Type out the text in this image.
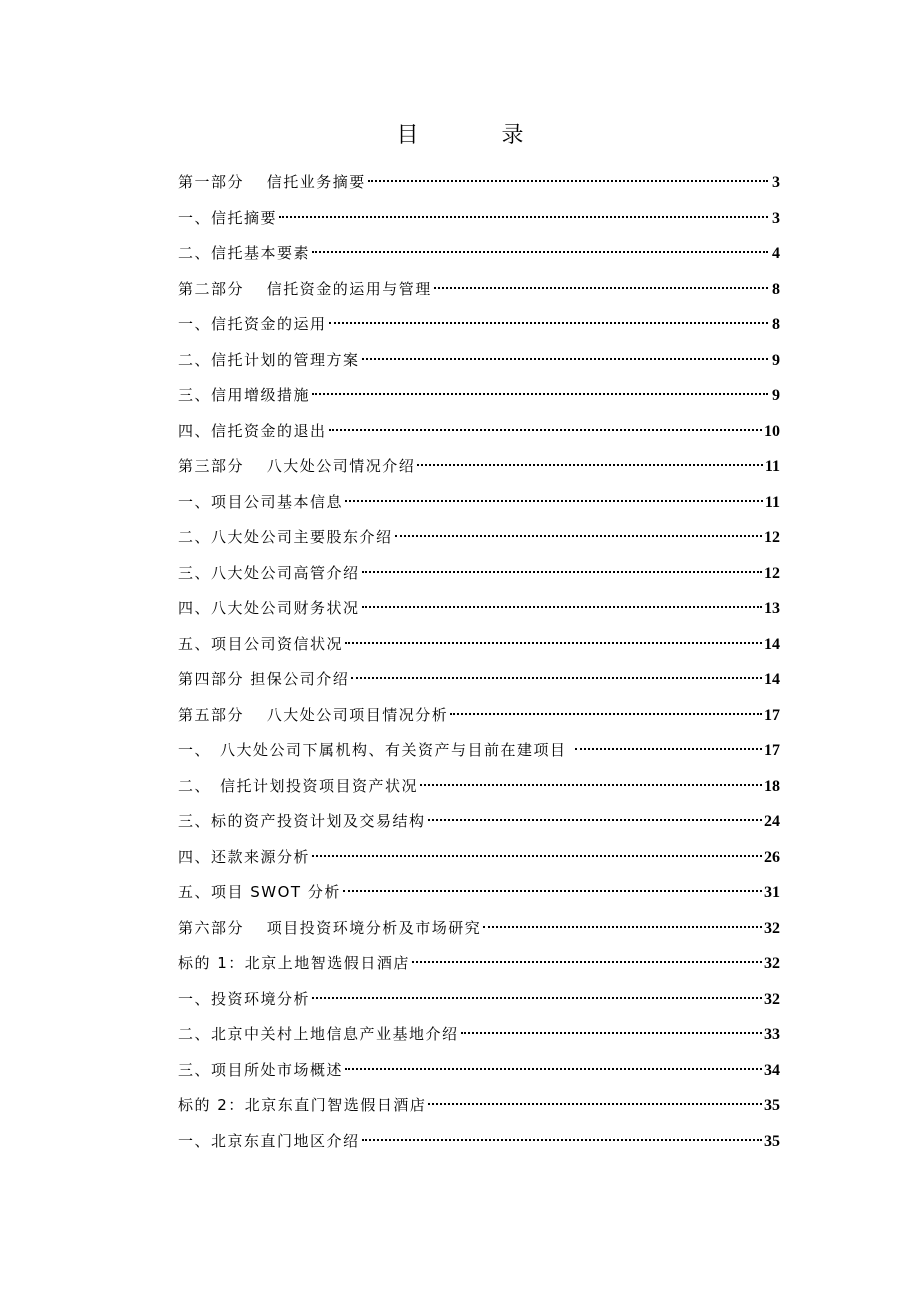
目 录
第一部分　 信托业务摘要	3
一、信托摘要	3
二、信托基本要素	4
第二部分　 信托资金的运用与管理	8
一、信托资金的运用	8
二、信托计划的管理方案	9
三、信用增级措施	9
四、信托资金的退出	10
第三部分　 八大处公司情况介绍	11
一、项目公司基本信息	11
二、八大处公司主要股东介绍	12
三、八大处公司高管介绍	12
四、八大处公司财务状况	13
五、项目公司资信状况	14
第四部分 担保公司介绍	14
第五部分　 八大处公司项目情况分析	17
一、　八大处公司下属机构、有关资产与目前在建项目	17
二、　信托计划投资项目资产状况	18
三、标的资产投资计划及交易结构	24
四、还款来源分析	26
五、项目 SWOT 分析	31
第六部分　 项目投资环境分析及市场研究	32
标的 1：北京上地智选假日酒店	32
一、投资环境分析	32
二、北京中关村上地信息产业基地介绍	33
三、项目所处市场概述	34
标的 2：北京东直门智选假日酒店	35
一、北京东直门地区介绍	35
